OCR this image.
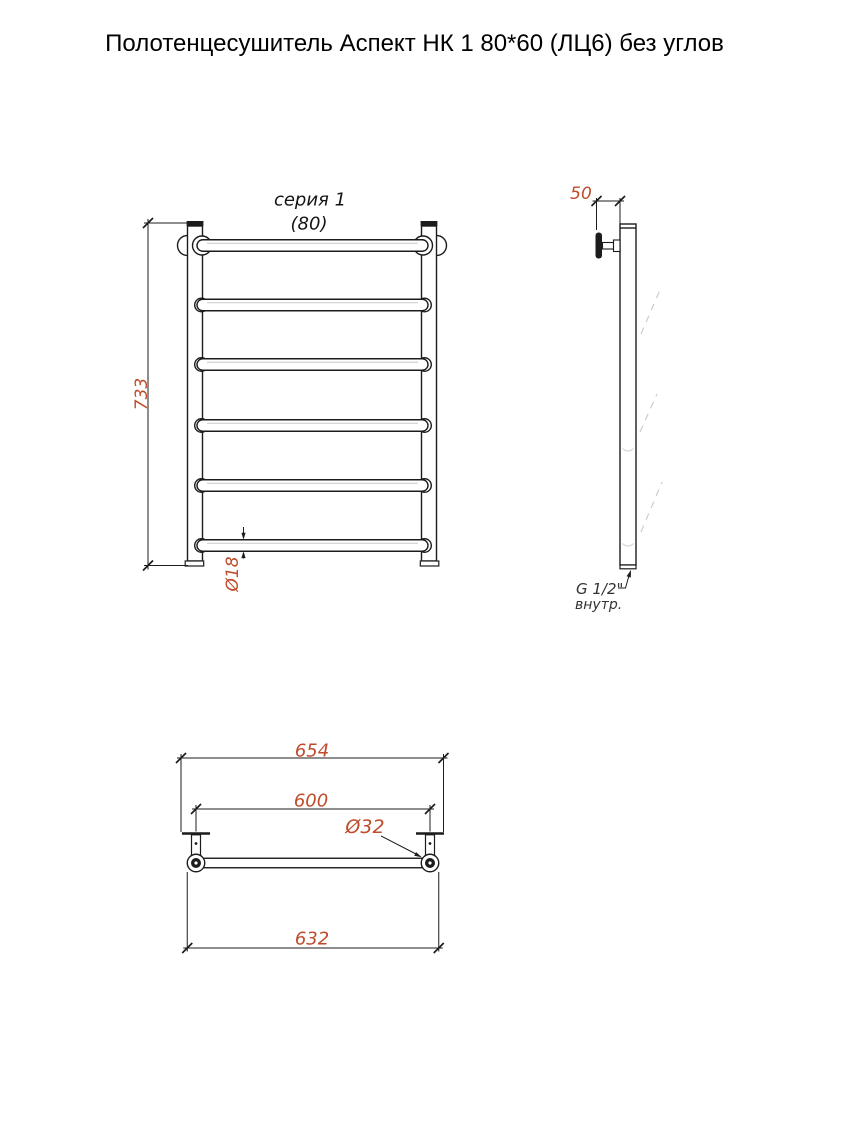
Полотенцесушитель Аспект НК 1 80*60 (ЛЦ6) без углов
серия 1
(80)
733
Ø18
50
G 1/2"
внутр.
654
600
632
Ø32
